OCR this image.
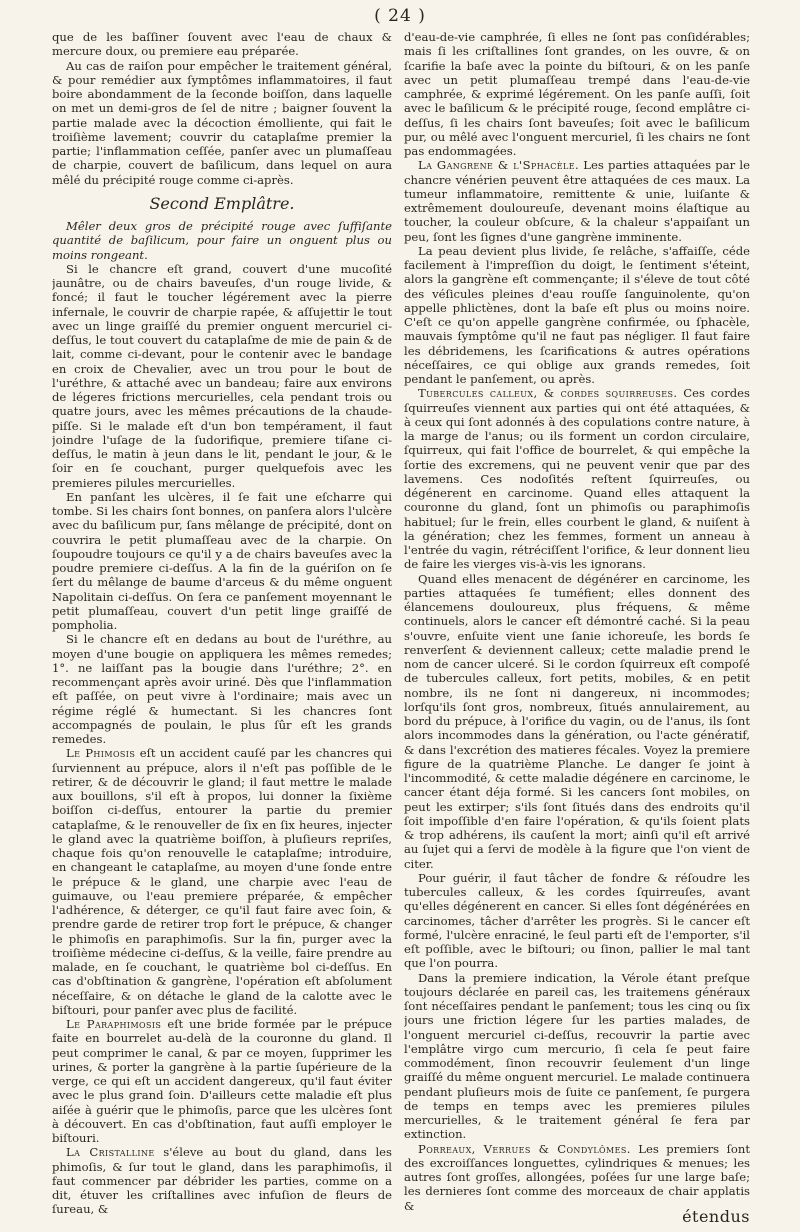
( 24 )

que de les baſſiner ſouvent avec l'eau de chaux & mercure doux, ou premiere eau préparée.

Au cas de raiſon pour empêcher le traitement général, & pour remédier aux ſymptômes inflammatoires, il faut boire abondamment de la ſeconde boiſſon, dans laquelle on met un demi-gros de ſel de nitre ; baigner ſouvent la partie malade avec la décoction émolliente, qui fait le troiſième lavement; couvrir du cataplaſme premier la partie; l'inflammation ceſſée, panſer avec un plumaſſeau de charpie, couvert de baſilicum, dans lequel on aura mêlé du précipité rouge comme ci-après.

Second Emplâtre.

Mêler deux gros de précipité rouge avec ſuffiſante quantité de baſilicum, pour faire un onguent plus ou moins rongeant.

Si le chancre eſt grand, couvert d'une mucoſité jaunâtre, ou de chairs baveuſes, d'un rouge livide, & foncé; il faut le toucher légérement avec la pierre infernale, le couvrir de charpie rapée, & aſſujettir le tout avec un linge graiſſé du premier onguent mercuriel ci-deſſus, le tout couvert du cataplaſme de mie de pain & de lait, comme ci-devant, pour le contenir avec le bandage en croix de Chevalier, avec un trou pour le bout de l'uréthre, & attaché avec un bandeau; faire aux environs de légeres frictions mercurielles, cela pendant trois ou quatre jours, avec les mêmes précautions de la chaude-piſſe. Si le malade eſt d'un bon tempérament, il faut joindre l'uſage de la ſudorifique, premiere tiſane ci-deſſus, le matin à jeun dans le lit, pendant le jour, & le ſoir en ſe couchant, purger quelquefois avec les premieres pilules mercurielles.

En panſant les ulcères, il ſe fait une eſcharre qui tombe. Si les chairs ſont bonnes, on panſera alors l'ulcère avec du baſilicum pur, ſans mêlange de précipité, dont on couvrira le petit plumaſſeau avec de la charpie. On ſoupoudre toujours ce qu'il y a de chairs baveuſes avec la poudre premiere ci-deſſus. A la fin de la guériſon on ſe ſert du mêlange de baume d'arceus & du même onguent Napolitain ci-deſſus. On ſera ce panſement moyennant le petit plumaſſeau, couvert d'un petit linge graiſſé de pompholia.

Si le chancre eſt en dedans au bout de l'uréthre, au moyen d'une bougie on appliquera les mêmes remedes; 1°. ne laiſſant pas la bougie dans l'uréthre; 2°. en recommençant après avoir uriné. Dès que l'inflammation eſt paſſée, on peut vivre à l'ordinaire; mais avec un régime réglé & humectant. Si les chancres ſont accompagnés de poulain, le plus ſûr eſt les grands remedes.

Le Phimosis eſt un accident cauſé par les chancres qui ſurviennent au prépuce, alors il n'eſt pas poſſible de le retirer, & de découvrir le gland; il faut mettre le malade aux bouillons, s'il eſt à propos, lui donner la ſixième boiſſon ci-deſſus, entourer la partie du premier cataplaſme, & le renouveller de ſix en ſix heures, injecter le gland avec la quatrième boiſſon, à pluſieurs repriſes, chaque fois qu'on renouvelle le cataplaſme; introduire, en changeant le cataplaſme, au moyen d'une ſonde entre le prépuce & le gland, une charpie avec l'eau de guimauve, ou l'eau premiere préparée, & empêcher l'adhérence, & déterger, ce qu'il faut faire avec ſoin, & prendre garde de retirer trop fort le prépuce, & changer le phimoſis en paraphimoſis. Sur la fin, purger avec la troiſième médecine ci-deſſus, & la veille, faire prendre au malade, en ſe couchant, le quatrième bol ci-deſſus. En cas d'obſtination & gangrène, l'opération eſt abſolument néceſſaire, & on détache le gland de la calotte avec le biſtouri, pour panſer avec plus de facilité.

Le Paraphimosis eſt une bride formée par le prépuce faite en bourrelet au-delà de la couronne du gland. Il peut comprimer le canal, & par ce moyen, ſupprimer les urines, & porter la gangrène à la partie ſupérieure de la verge, ce qui eſt un accident dangereux, qu'il faut éviter avec le plus grand ſoin. D'ailleurs cette maladie eſt plus aiſée à guérir que le phimoſis, parce que les ulcères ſont à découvert. En cas d'obſtination, faut auſſi employer le biſtouri.

La Cristalline s'éleve au bout du gland, dans les phimoſis, & ſur tout le gland, dans les paraphimoſis, il faut commencer par débrider les parties, comme on a dit, étuver les criſtallines avec infuſion de fleurs de ſureau, &

d'eau-de-vie camphrée, ſi elles ne ſont pas conſidérables; mais ſi les criſtallines ſont grandes, on les ouvre, & on ſcarifie la baſe avec la pointe du biſtouri, & on les panſe avec un petit plumaſſeau trempé dans l'eau-de-vie camphrée, & exprimé légérement. On les panſe auſſi, ſoit avec le baſilicum & le précipité rouge, ſecond emplâtre ci-deſſus, ſi les chairs ſont baveuſes; ſoit avec le baſilicum pur, ou mêlé avec l'onguent mercuriel, ſi les chairs ne ſont pas endommagées.

La Gangrene & l'Sphacèle. Les parties attaquées par le chancre vénérien peuvent être attaquées de ces maux. La tumeur inflammatoire, remittente & unie, luiſante & extrêmement douloureuſe, devenant moins élaſtique au toucher, la couleur obſcure, & la chaleur s'appaiſant un peu, ſont les ſignes d'une gangrène imminente.

La peau devient plus livide, ſe relâche, s'affaiſſe, céde facilement à l'impreſſion du doigt, le ſentiment s'éteint, alors la gangrène eſt commençante; il s'éleve de tout côté des véſicules pleines d'eau rouſſe ſanguinolente, qu'on appelle phlictènes, dont la baſe eſt plus ou moins noire. C'eſt ce qu'on appelle gangrène confirmée, ou ſphacèle, mauvais ſymptôme qu'il ne faut pas négliger. Il faut faire les débridemens, les ſcarifications & autres opérations néceſſaires, ce qui oblige aux grands remedes, ſoit pendant le panſement, ou après.

Tubercules calleux, & cordes ſquirreuſes. Ces cordes ſquirreuſes viennent aux parties qui ont été attaquées, & à ceux qui ſont adonnés à des copulations contre nature, à la marge de l'anus; ou ils forment un cordon circulaire, ſquirreux, qui fait l'office de bourrelet, & qui empêche la ſortie des excremens, qui ne peuvent venir que par des lavemens. Ces nodoſités reſtent ſquirreuſes, ou dégénerent en carcinome. Quand elles attaquent la couronne du gland, ſont un phimoſis ou paraphimoſis habituel; ſur le frein, elles courbent le gland, & nuiſent à la génération; chez les femmes, forment un anneau à l'entrée du vagin, rétréciſſent l'orifice, & leur donnent lieu de faire les vierges vis-à-vis les ignorans.

Quand elles menacent de dégénérer en carcinome, les parties attaquées ſe tuméfient; elles donnent des élancemens douloureux, plus fréquens, & même continuels, alors le cancer eſt démontré caché. Si la peau s'ouvre, enſuite vient une ſanie ichoreuſe, les bords ſe renverſent & deviennent calleux; cette maladie prend le nom de cancer ulceré. Si le cordon ſquirreux eſt compoſé de tubercules calleux, fort petits, mobiles, & en petit nombre, ils ne ſont ni dangereux, ni incommodes; lorſqu'ils ſont gros, nombreux, ſitués annulairement, au bord du prépuce, à l'orifice du vagin, ou de l'anus, ils ſont alors incommodes dans la génération, ou l'acte génératif, & dans l'excrétion des matieres fécales. Voyez la premiere figure de la quatrième Planche. Le danger ſe joint à l'incommodité, & cette maladie dégénere en carcinome, le cancer étant déja formé. Si les cancers ſont mobiles, on peut les extirper; s'ils ſont ſitués dans des endroits qu'il ſoit impoſſible d'en faire l'opération, & qu'ils ſoient plats & trop adhérens, ils cauſent la mort; ainſi qu'il eſt arrivé au ſujet qui a ſervi de modèle à la figure que l'on vient de citer.

Pour guérir, il faut tâcher de fondre & réſoudre les tubercules calleux, & les cordes ſquirreuſes, avant qu'elles dégénerent en cancer. Si elles ſont dégénérées en carcinomes, tâcher d'arrêter les progrès. Si le cancer eſt formé, l'ulcère enraciné, le ſeul parti eſt de l'emporter, s'il eſt poſſible, avec le biſtouri; ou ſinon, pallier le mal tant que l'on pourra.

Dans la premiere indication, la Vérole étant preſque toujours déclarée en pareil cas, les traitemens généraux ſont néceſſaires pendant le panſement; tous les cinq ou ſix jours une friction légere ſur les parties malades, de l'onguent mercuriel ci-deſſus, recouvrir la partie avec l'emplâtre virgo cum mercurio, ſi cela ſe peut faire commodément, ſinon recouvrir ſeulement d'un linge graiſſé du même onguent mercuriel. Le malade continuera pendant pluſieurs mois de ſuite ce panſement, ſe purgera de temps en temps avec les premieres pilules mercurielles, & le traitement général ſe fera par extinction.

Porreaux, Verrues & Condylômes. Les premiers ſont des excroiſſances longuettes, cylindriques & menues; les autres ſont groſſes, allongées, poſées ſur une large baſe; les dernieres ſont comme des morceaux de chair applatis &

étendus
